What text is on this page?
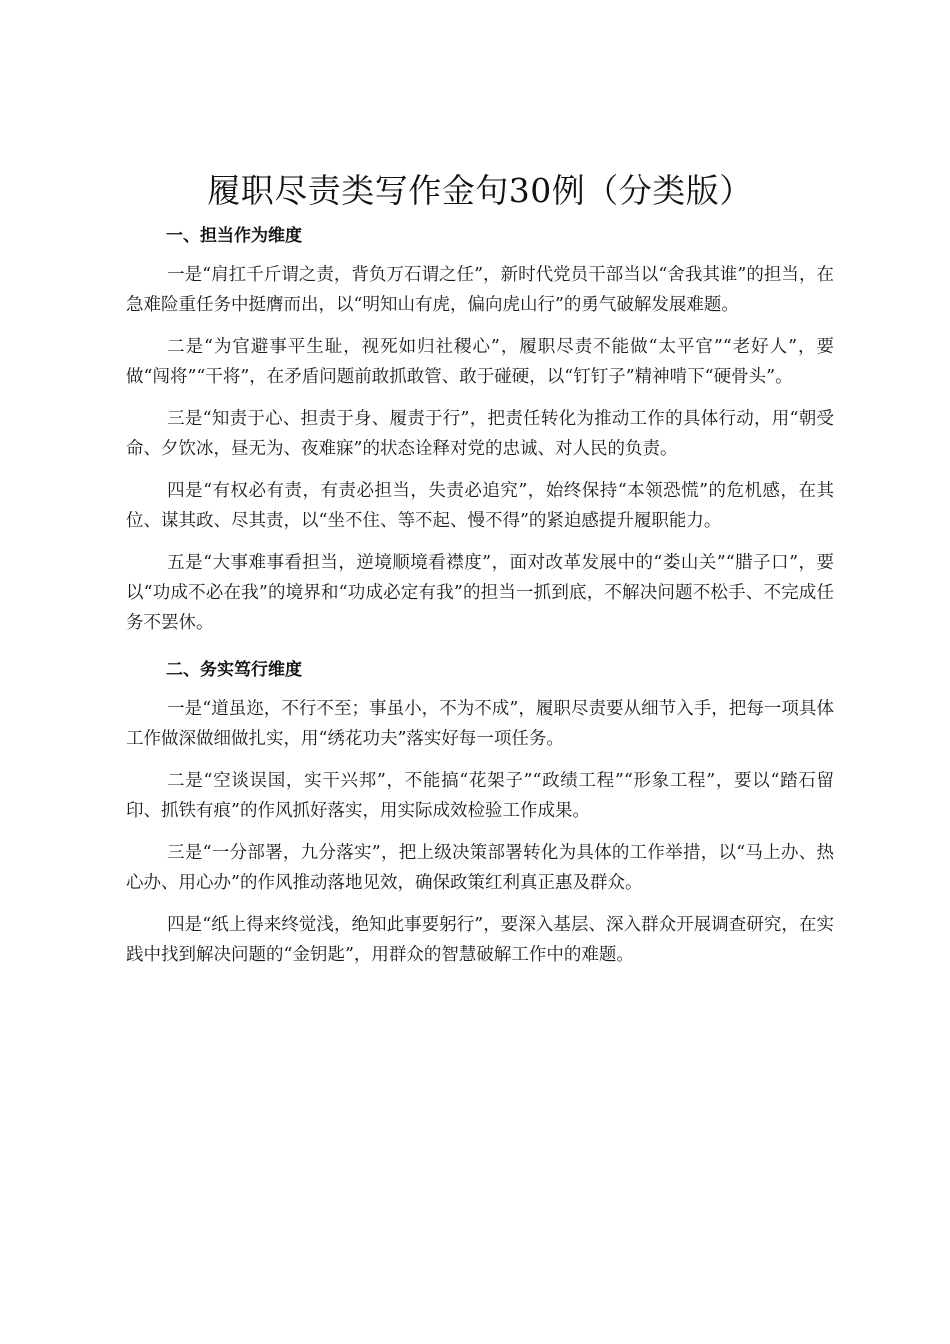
履职尽责类写作金句30例（分类版）
一、担当作为维度

一是“肩扛千斤谓之责，背负万石谓之任”，新时代党员干部当以“舍我其谁”的担当，在急难险重任务中挺膺而出，以“明知山有虎，偏向虎山行”的勇气破解发展难题。

二是“为官避事平生耻，视死如归社稷心”，履职尽责不能做“太平官”“老好人”，要做“闯将”“干将”，在矛盾问题前敢抓敢管、敢于碰硬，以“钉钉子”精神啃下“硬骨头”。

三是“知责于心、担责于身、履责于行”，把责任转化为推动工作的具体行动，用“朝受命、夕饮冰，昼无为、夜难寐”的状态诠释对党的忠诚、对人民的负责。

四是“有权必有责，有责必担当，失责必追究”，始终保持“本领恐慌”的危机感，在其位、谋其政、尽其责，以“坐不住、等不起、慢不得”的紧迫感提升履职能力。

五是“大事难事看担当，逆境顺境看襟度”，面对改革发展中的“娄山关”“腊子口”，要以“功成不必在我”的境界和“功成必定有我”的担当一抓到底，不解决问题不松手、不完成任务不罢休。

二、务实笃行维度

一是“道虽迩，不行不至；事虽小，不为不成”，履职尽责要从细节入手，把每一项具体工作做深做细做扎实，用“绣花功夫”落实好每一项任务。

二是“空谈误国，实干兴邦”，不能搞“花架子”“政绩工程”“形象工程”，要以“踏石留印、抓铁有痕”的作风抓好落实，用实际成效检验工作成果。

三是“一分部署，九分落实”，把上级决策部署转化为具体的工作举措，以“马上办、热心办、用心办”的作风推动落地见效，确保政策红利真正惠及群众。

四是“纸上得来终觉浅，绝知此事要躬行”，要深入基层、深入群众开展调查研究，在实践中找到解决问题的“金钥匙”，用群众的智慧破解工作中的难题。
